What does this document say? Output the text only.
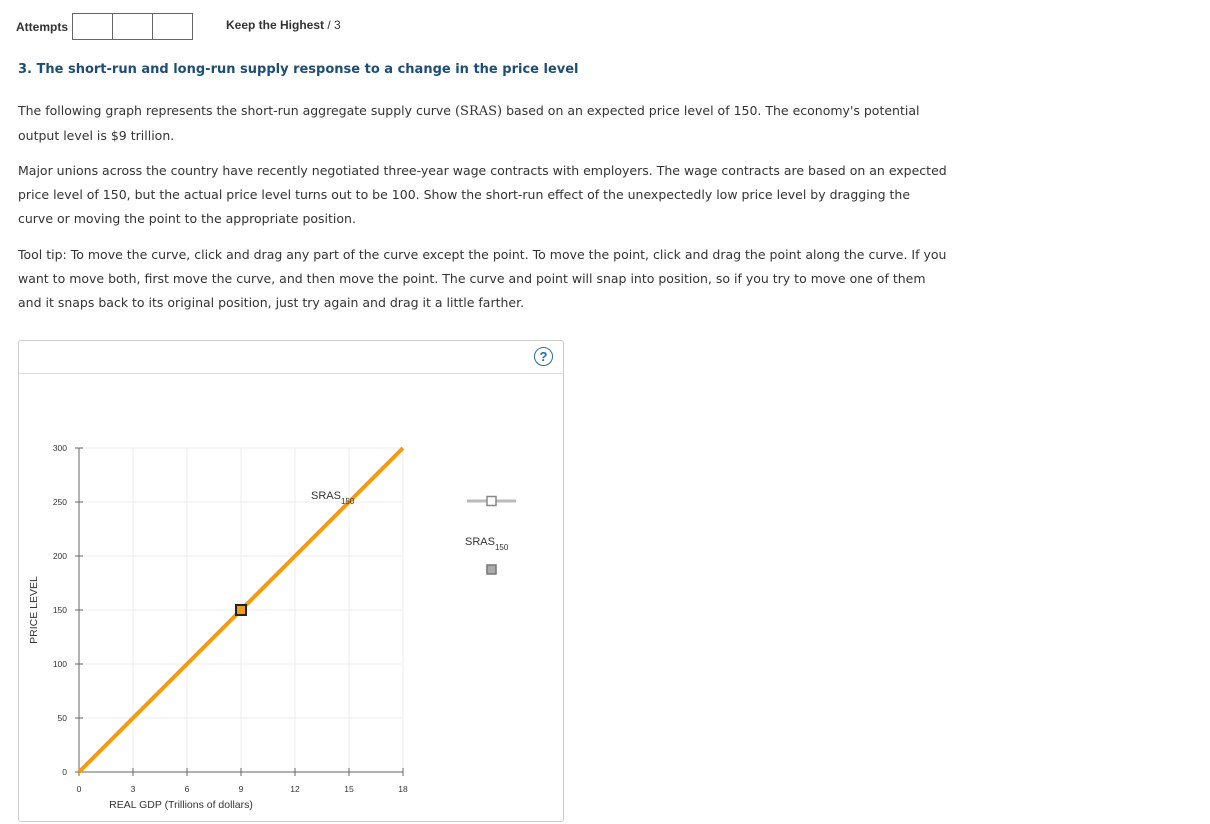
Attempts	Keep the Highest / 3
3. The short-run and long-run supply response to a change in the price level
The following graph represents the short-run aggregate supply curve (SRAS) based on an expected price level of 150. The economy's potential output level is $9 trillion.
Major unions across the country have recently negotiated three-year wage contracts with employers. The wage contracts are based on an expected price level of 150, but the actual price level turns out to be 100. Show the short-run effect of the unexpectedly low price level by dragging the curve or moving the point to the appropriate position.
Tool tip: To move the curve, click and drag any part of the curve except the point. To move the point, click and drag the point along the curve. If you want to move both, first move the curve, and then move the point. The curve and point will snap into position, so if you try to move one of them and it snaps back to its original position, just try again and drag it a little farther.
?
0	3	6	9	12	15	18
0
50
100
150
200
250
300
PRICE LEVEL
REAL GDP (Trillions of dollars)
$SRAS_{150}$
$SRAS_{150}$
